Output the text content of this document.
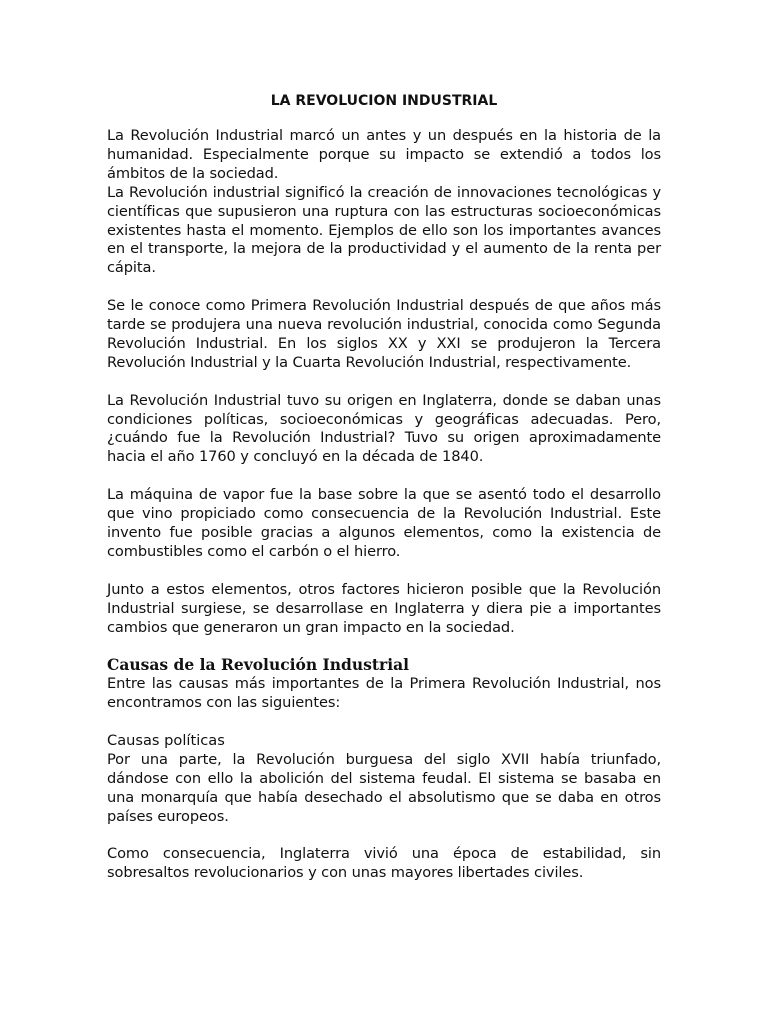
LA REVOLUCION INDUSTRIAL

La Revolución Industrial marcó un antes y un después en la historia de la humanidad. Especialmente porque su impacto se extendió a todos los ámbitos de la sociedad.

La Revolución industrial significó la creación de innovaciones tecnológicas y científicas que supusieron una ruptura con las estructuras socioeconómicas existentes hasta el momento. Ejemplos de ello son los importantes avances en el transporte, la mejora de la productividad y el aumento de la renta per cápita.

Se le conoce como Primera Revolución Industrial después de que años más tarde se produjera una nueva revolución industrial, conocida como Segunda Revolución Industrial. En los siglos XX y XXI se produjeron la Tercera Revolución Industrial y la Cuarta Revolución Industrial, respectivamente.

La Revolución Industrial tuvo su origen en Inglaterra, donde se daban unas condiciones políticas, socioeconómicas y geográficas adecuadas. Pero, ¿cuándo fue la Revolución Industrial? Tuvo su origen aproximadamente hacia el año 1760 y concluyó en la década de 1840.

La máquina de vapor fue la base sobre la que se asentó todo el desarrollo que vino propiciado como consecuencia de la Revolución Industrial. Este invento fue posible gracias a algunos elementos, como la existencia de combustibles como el carbón o el hierro.

Junto a estos elementos, otros factores hicieron posible que la Revolución Industrial surgiese, se desarrollase en Inglaterra y diera pie a importantes cambios que generaron un gran impacto en la sociedad.

Causas de la Revolución Industrial

Entre las causas más importantes de la Primera Revolución Industrial, nos encontramos con las siguientes:

Causas políticas

Por una parte, la Revolución burguesa del siglo XVII había triunfado, dándose con ello la abolición del sistema feudal. El sistema se basaba en una monarquía que había desechado el absolutismo que se daba en otros países europeos.

Como consecuencia, Inglaterra vivió una época de estabilidad, sin sobresaltos revolucionarios y con unas mayores libertades civiles.
